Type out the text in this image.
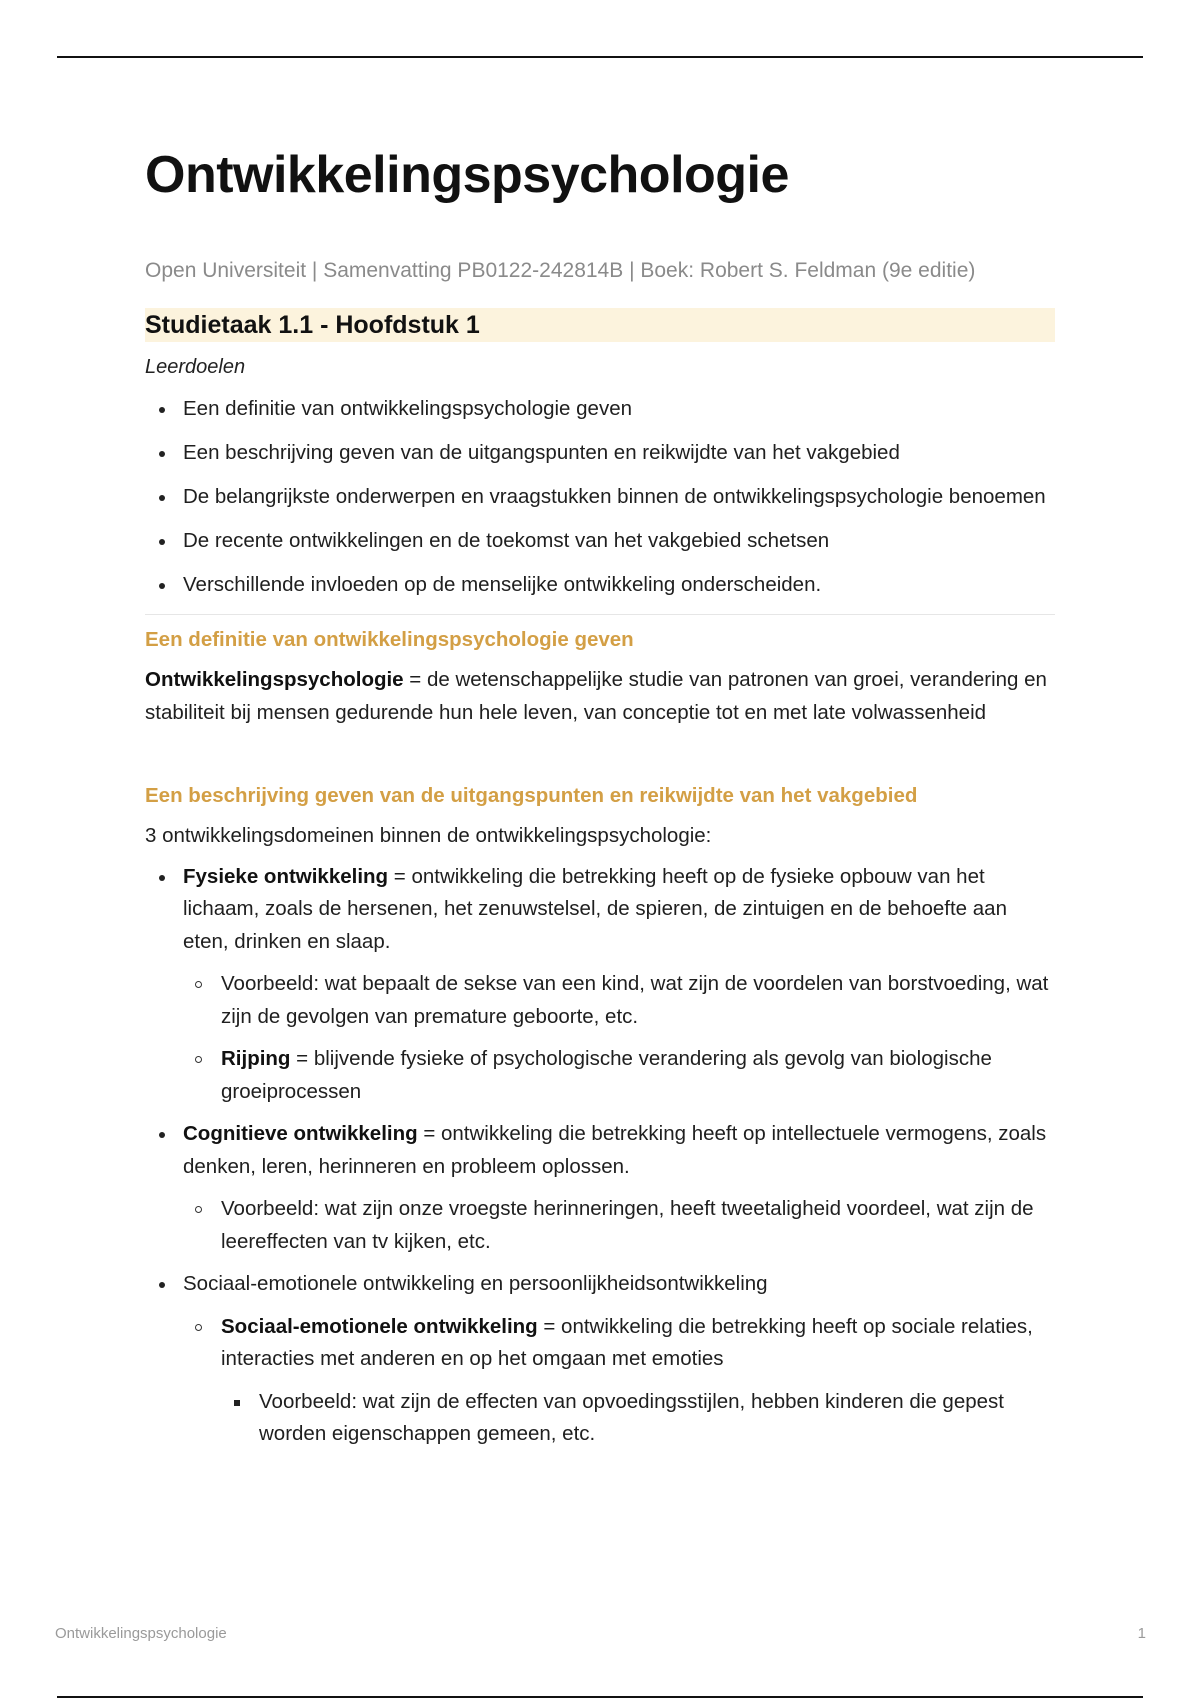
Ontwikkelingspsychologie
Open Universiteit | Samenvatting PB0122-242814B | Boek: Robert S. Feldman (9e editie)
Studietaak 1.1 - Hoofdstuk 1
Leerdoelen
Een definitie van ontwikkelingspsychologie geven
Een beschrijving geven van de uitgangspunten en reikwijdte van het vakgebied
De belangrijkste onderwerpen en vraagstukken binnen de ontwikkelingspsychologie benoemen
De recente ontwikkelingen en de toekomst van het vakgebied schetsen
Verschillende invloeden op de menselijke ontwikkeling onderscheiden.
Een definitie van ontwikkelingspsychologie geven

Ontwikkelingspsychologie = de wetenschappelijke studie van patronen van groei, verandering en stabiliteit bij mensen gedurende hun hele leven, van conceptie tot en met late volwassenheid

Een beschrijving geven van de uitgangspunten en reikwijdte van het vakgebied

3 ontwikkelingsdomeinen binnen de ontwikkelingspsychologie:

Fysieke ontwikkeling = ontwikkeling die betrekking heeft op de fysieke opbouw van het lichaam, zoals de hersenen, het zenuwstelsel, de spieren, de zintuigen en de behoefte aan eten, drinken en slaap.
Voorbeeld: wat bepaalt de sekse van een kind, wat zijn de voordelen van borstvoeding, wat zijn de gevolgen van premature geboorte, etc.
Rijping = blijvende fysieke of psychologische verandering als gevolg van biologische groeiprocessen
Cognitieve ontwikkeling = ontwikkeling die betrekking heeft op intellectuele vermogens, zoals denken, leren, herinneren en probleem oplossen.
Voorbeeld: wat zijn onze vroegste herinneringen, heeft tweetaligheid voordeel, wat zijn de leereffecten van tv kijken, etc.
Sociaal-emotionele ontwikkeling en persoonlijkheidsontwikkeling
Sociaal-emotionele ontwikkeling = ontwikkeling die betrekking heeft op sociale relaties, interacties met anderen en op het omgaan met emoties
Voorbeeld: wat zijn de effecten van opvoedingsstijlen, hebben kinderen die gepest worden eigenschappen gemeen, etc.
Ontwikkelingspsychologie	1
